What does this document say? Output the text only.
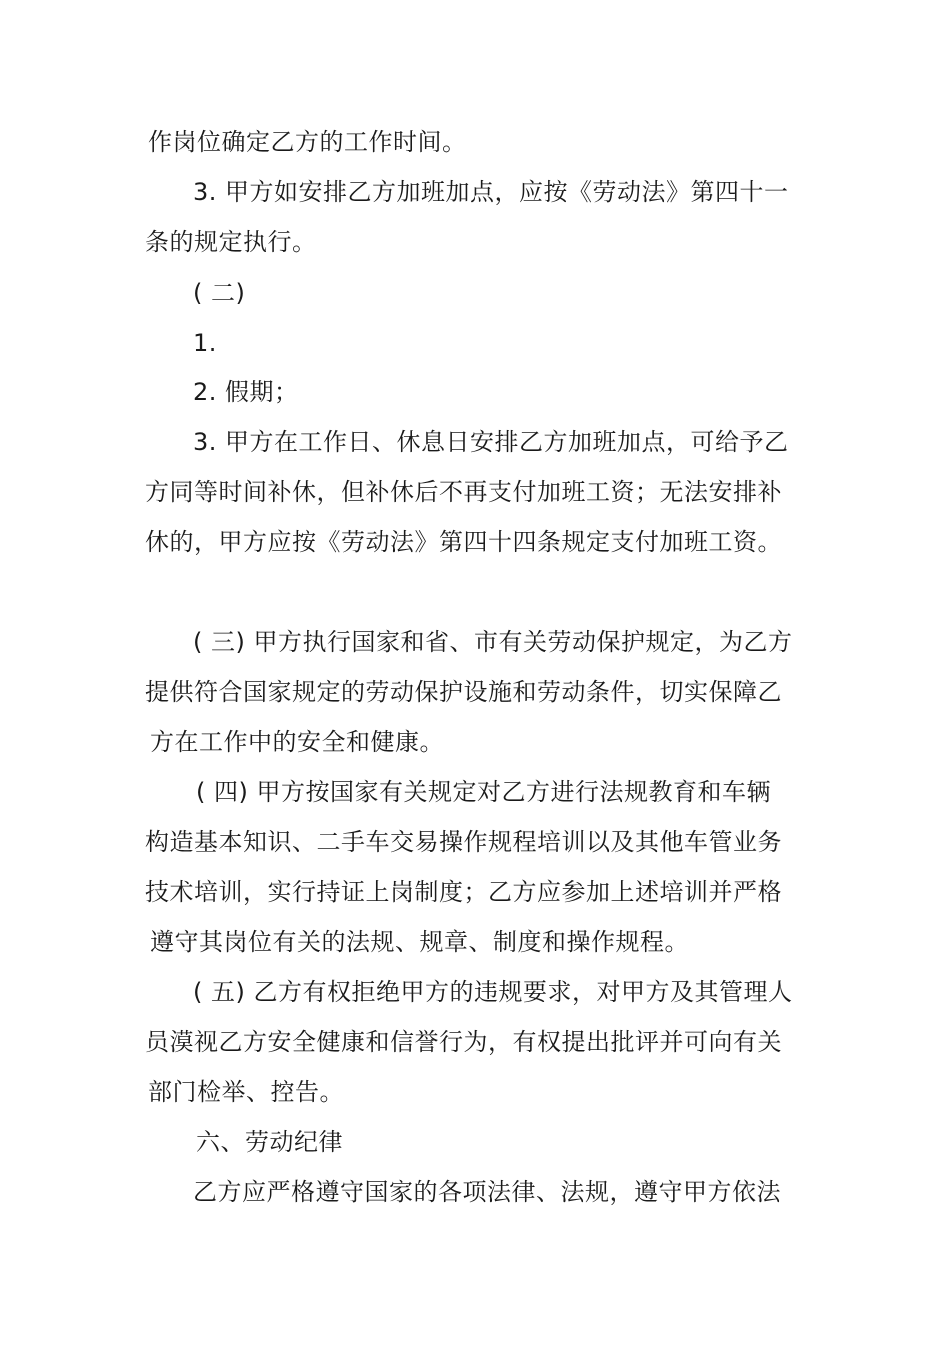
作岗位确定乙方的工作时间。
3. 甲方如安排乙方加班加点，应按《劳动法》第四十一
条的规定执行。
( 二)
1.
2. 假期；
3. 甲方在工作日、休息日安排乙方加班加点，可给予乙
方同等时间补休，但补休后不再支付加班工资；无法安排补
休的，甲方应按《劳动法》第四十四条规定支付加班工资。
( 三) 甲方执行国家和省、市有关劳动保护规定，为乙方
提供符合国家规定的劳动保护设施和劳动条件，切实保障乙
方在工作中的安全和健康。
( 四) 甲方按国家有关规定对乙方进行法规教育和车辆
构造基本知识、二手车交易操作规程培训以及其他车管业务
技术培训，实行持证上岗制度；乙方应参加上述培训并严格
遵守其岗位有关的法规、规章、制度和操作规程。
( 五) 乙方有权拒绝甲方的违规要求，对甲方及其管理人
员漠视乙方安全健康和信誉行为，有权提出批评并可向有关
部门检举、控告。
六、劳动纪律
乙方应严格遵守国家的各项法律、法规，遵守甲方依法
